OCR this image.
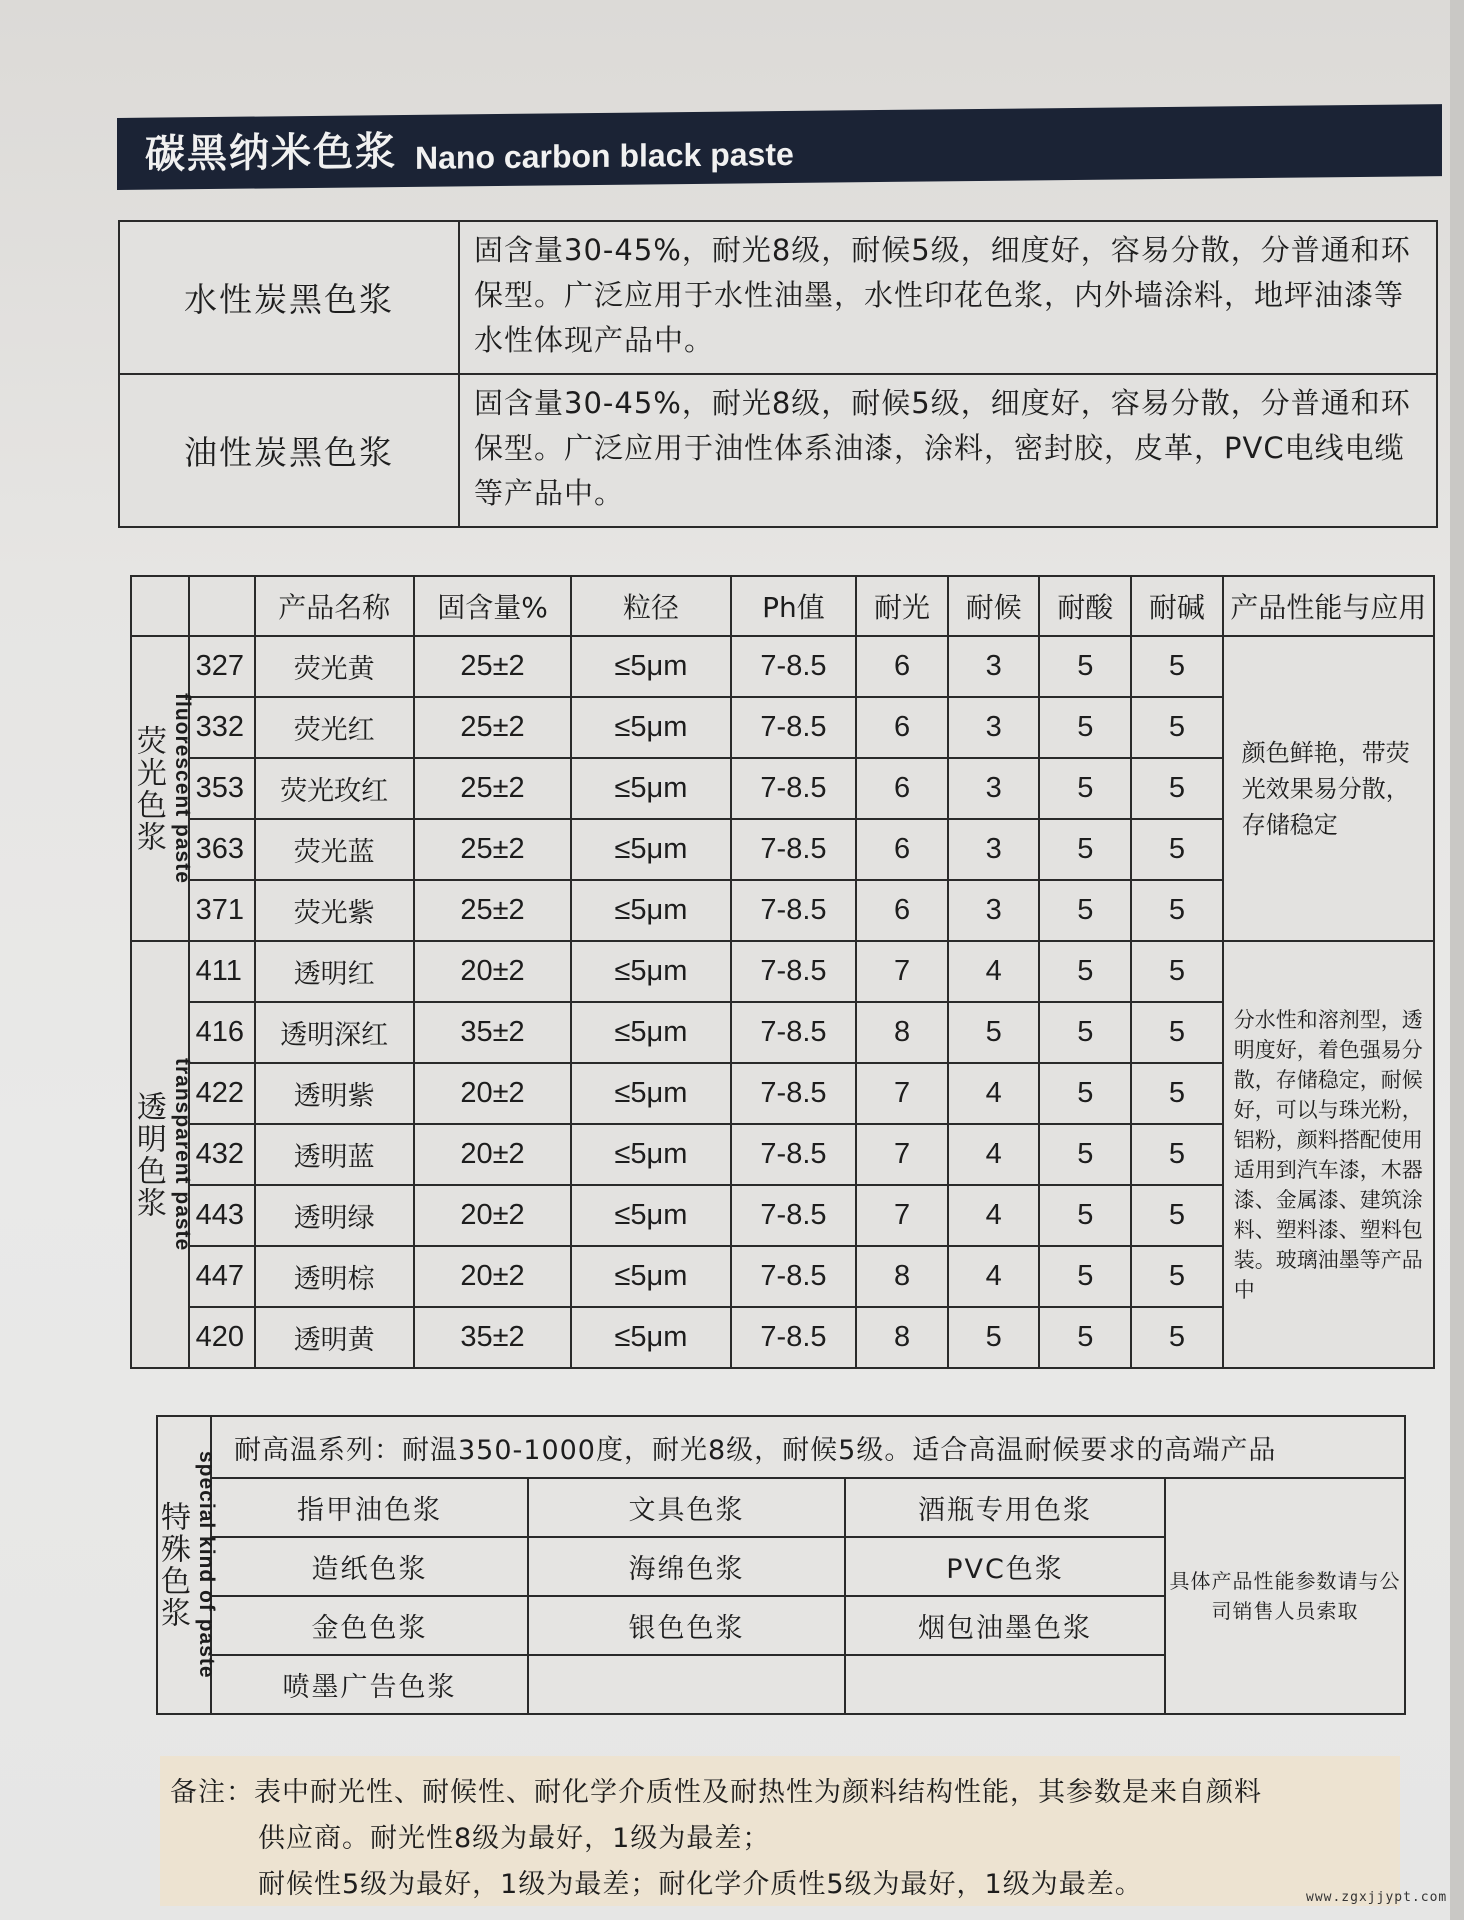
碳黑纳米色浆 Nano carbon black paste
水性炭黑色浆	固含量30-45%，耐光8级，耐候5级，细度好，容易分散，分普通和环保型。广泛应用于水性油墨，水性印花色浆，内外墙涂料，地坪油漆等水性体现产品中。
油性炭黑色浆	固含量30-45%，耐光8级，耐候5级，细度好，容易分散，分普通和环保型。广泛应用于油性体系油漆，涂料，密封胶，皮革，PVC电线电缆等产品中。
		产品名称	固含量%	粒径	Ph值	耐光	耐候	耐酸	耐碱	产品性能与应用

荧光色浆 fluorescent paste	327	荧光黄	25±2	≤5μm	7-8.5	6	3	5	5	颜色鲜艳，带荧光效果易分散，存储稳定
	332	荧光红	25±2	≤5μm	7-8.5	6	3	5	5	
	353	荧光玫红	25±2	≤5μm	7-8.5	6	3	5	5	
	363	荧光蓝	25±2	≤5μm	7-8.5	6	3	5	5	
	371	荧光紫	25±2	≤5μm	7-8.5	6	3	5	5	

透明色浆 transparent paste	411	透明红	20±2	≤5μm	7-8.5	7	4	5	5	分水性和溶剂型，透明度好，着色强易分散，存储稳定，耐候好，可以与珠光粉，铝粉，颜料搭配使用适用到汽车漆，木器漆、金属漆、建筑涂料、塑料漆、塑料包装。玻璃油墨等产品中
	416	透明深红	35±2	≤5μm	7-8.5	8	5	5	5	
	422	透明紫	20±2	≤5μm	7-8.5	7	4	5	5	
	432	透明蓝	20±2	≤5μm	7-8.5	7	4	5	5	
	443	透明绿	20±2	≤5μm	7-8.5	7	4	5	5	
	447	透明棕	20±2	≤5μm	7-8.5	8	4	5	5	
	420	透明黄	35±2	≤5μm	7-8.5	8	5	5	5	
特殊色浆 special kind of paste	耐高温系列：耐温350-1000度，耐光8级，耐候5级。适合高温耐候要求的高端产品			
	指甲油色浆	文具色浆	酒瓶专用色浆	具体产品性能参数请与公司销售人员索取
	造纸色浆	海绵色浆	PVC色浆	
	金色色浆	银色色浆	烟包油墨色浆	
	喷墨广告色浆			
备注：表中耐光性、耐候性、耐化学介质性及耐热性为颜料结构性能，其参数是来自颜料
供应商。耐光性8级为最好，1级为最差；
耐候性5级为最好，1级为最差；耐化学介质性5级为最好，1级为最差。	www.zgxjjypt.com
